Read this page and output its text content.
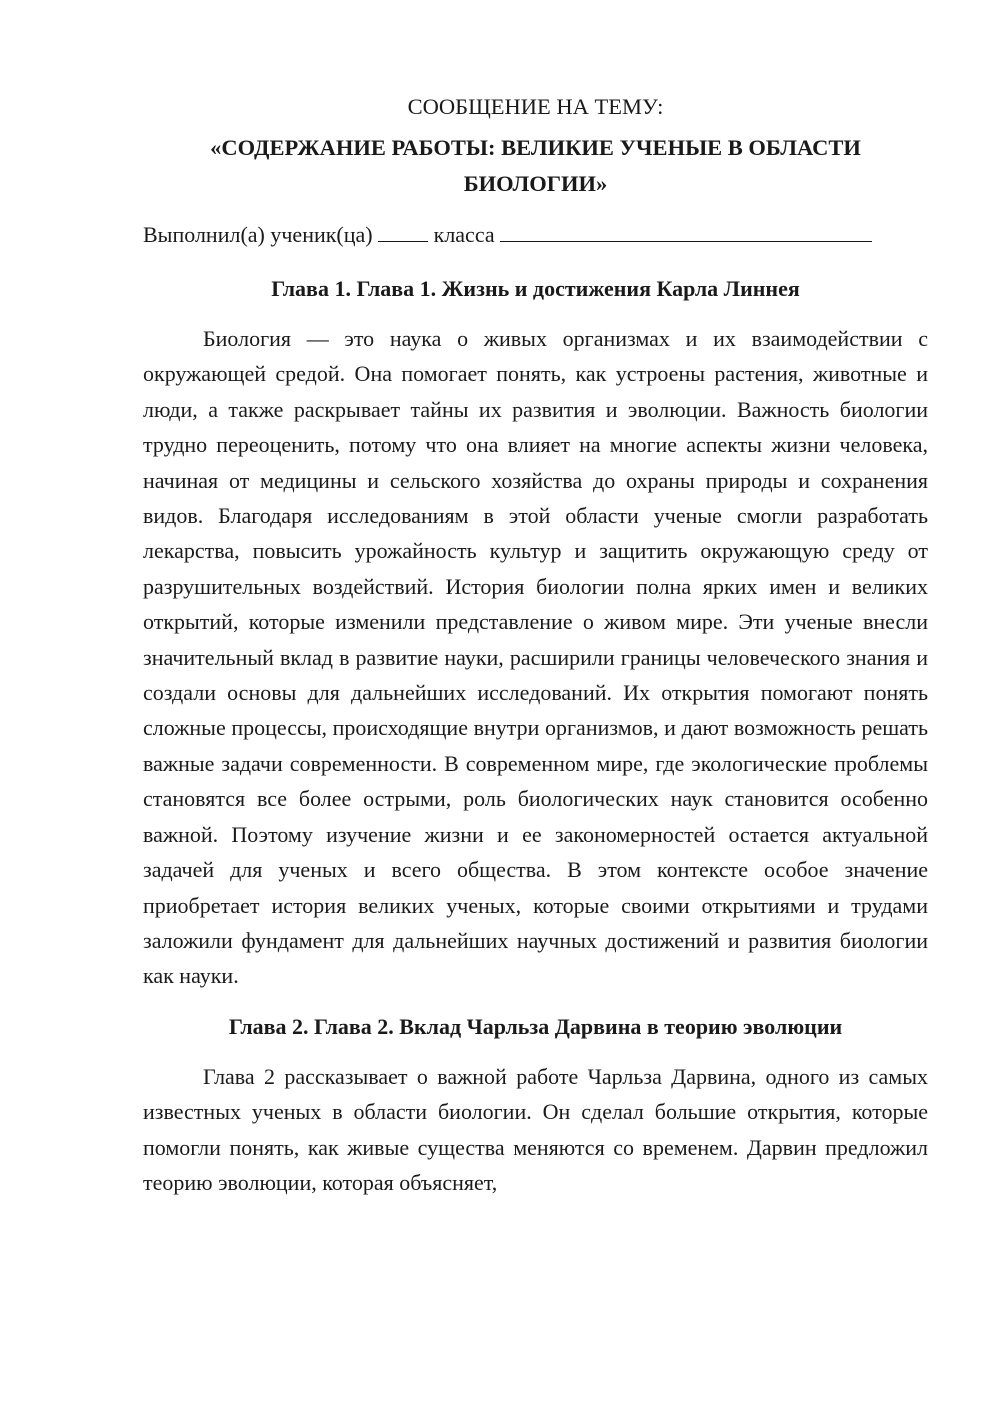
СООБЩЕНИЕ НА ТЕМУ:

«СОДЕРЖАНИЕ РАБОТЫ: ВЕЛИКИЕ УЧЕНЫЕ В ОБЛАСТИ
БИОЛОГИИ»

Выполнил(а) ученик(ца)	класса

Глава 1. Глава 1. Жизнь и достижения Карла Линнея

Биология — это наука о живых организмах и их взаимодействии с окружающей средой. Она помогает понять, как устроены растения, животные и люди, а также раскрывает тайны их развития и эволюции. Важность биологии трудно переоценить, потому что она влияет на многие аспекты жизни человека, начиная от медицины и сельского хозяйства до охраны природы и сохранения видов. Благодаря исследованиям в этой области ученые смогли разработать лекарства, повысить урожайность культур и защитить окружающую среду от разрушительных воздействий. История биологии полна ярких имен и великих открытий, которые изменили представление о живом мире. Эти ученые внесли значительный вклад в развитие науки, расширили границы человеческого знания и создали основы для дальнейших исследований. Их открытия помогают понять сложные процессы, происходящие внутри организмов, и дают возможность решать важные задачи современности. В современном мире, где экологические проблемы становятся все более острыми, роль биологических наук становится особенно важной. Поэтому изучение жизни и ее закономерностей остается актуальной задачей для ученых и всего общества. В этом контексте особое значение приобретает история великих ученых, которые своими открытиями и трудами заложили фундамент для дальнейших научных достижений и развития биологии как науки.

Глава 2. Глава 2. Вклад Чарльза Дарвина в теорию эволюции

Глава 2 рассказывает о важной работе Чарльза Дарвина, одного из самых известных ученых в области биологии. Он сделал большие открытия, которые помогли понять, как живые существа меняются со временем. Дарвин предложил теорию эволюции, которая объясняет,
